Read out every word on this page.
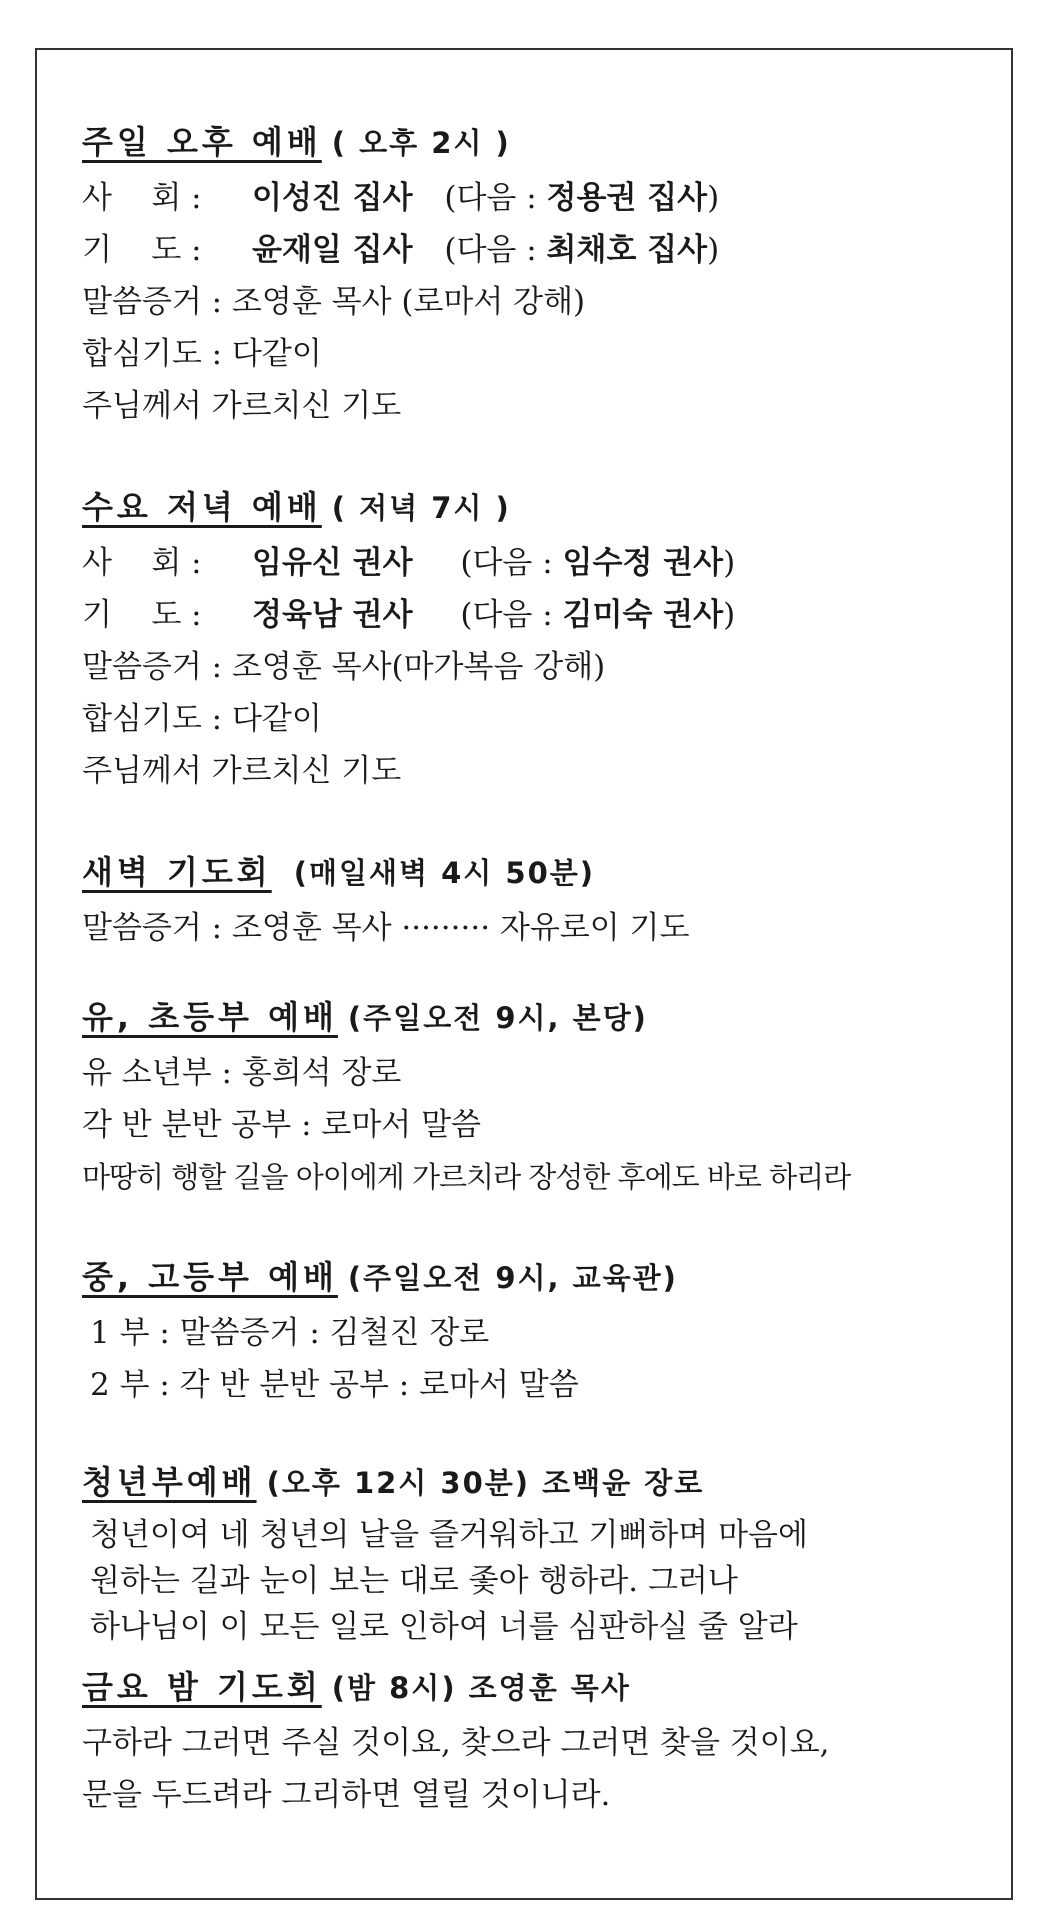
주일 오후 예배 ( 오후 2시 )
사    회 : 이성진 집사 (다음 : 정용권 집사)
기    도 : 윤재일 집사 (다음 : 최채호 집사)
말씀증거 : 조영훈 목사 (로마서 강해)
합심기도 : 다같이
주님께서 가르치신 기도
수요 저녁 예배 ( 저녁 7시 )
사    회 : 임유신 권사 (다음 : 임수정 권사)
기    도 : 정육남 권사 (다음 : 김미숙 권사)
말씀증거 : 조영훈 목사(마가복음 강해)
합심기도 : 다같이
주님께서 가르치신 기도
새벽 기도회 (매일새벽 4시 50분)
말씀증거 : 조영훈 목사 ········· 자유로이 기도
유, 초등부 예배 (주일오전 9시, 본당)
유 소년부 : 홍희석 장로
각 반 분반 공부 : 로마서 말씀
마땅히 행할 길을 아이에게 가르치라 장성한 후에도 바로 하리라
중, 고등부 예배 (주일오전 9시, 교육관)
1 부 : 말씀증거 : 김철진 장로
2 부 : 각 반 분반 공부 : 로마서 말씀
청년부예배 (오후 12시 30분) 조백윤 장로
청년이여 네 청년의 날을 즐거워하고 기뻐하며 마음에
원하는 길과 눈이 보는 대로 좇아 행하라. 그러나
하나님이 이 모든 일로 인하여 너를 심판하실 줄 알라
금요 밤 기도회 (밤 8시) 조영훈 목사
구하라 그러면 주실 것이요, 찾으라 그러면 찾을 것이요,
문을 두드려라 그리하면 열릴 것이니라.
